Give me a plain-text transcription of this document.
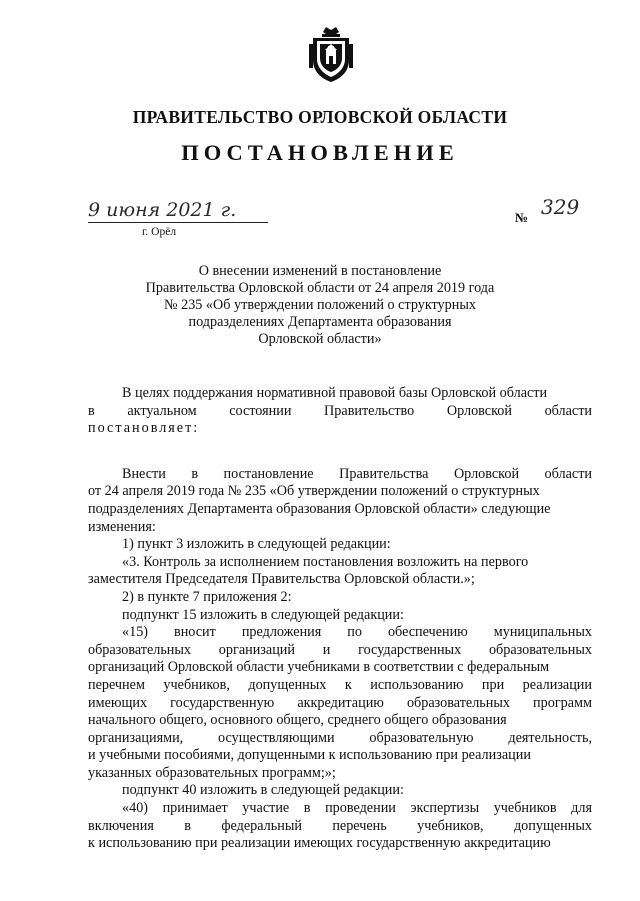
ПРАВИТЕЛЬСТВО ОРЛОВСКОЙ ОБЛАСТИ
ПОСТАНОВЛЕНИЕ
9 июня 2021 г.
г. Орёл
№ 329
О внесении изменений в постановление
Правительства Орловской области от 24 апреля 2019 года
№ 235 «Об утверждении положений о структурных
подразделениях Департамента образования
Орловской области»
В целях поддержания нормативной правовой базы Орловской области
в актуальном состоянии Правительство Орловской области
постановляет:
Внести в постановление Правительства Орловской области
от 24 апреля 2019 года № 235 «Об утверждении положений о структурных
подразделениях Департамента образования Орловской области» следующие
изменения:
1) пункт 3 изложить в следующей редакции:
«3. Контроль за исполнением постановления возложить на первого
заместителя Председателя Правительства Орловской области.»;
2) в пункте 7 приложения 2:
подпункт 15 изложить в следующей редакции:
«15) вносит предложения по обеспечению муниципальных
образовательных организаций и государственных образовательных
организаций Орловской области учебниками в соответствии с федеральным
перечнем учебников, допущенных к использованию при реализации
имеющих государственную аккредитацию образовательных программ
начального общего, основного общего, среднего общего образования
организациями, осуществляющими образовательную деятельность,
и учебными пособиями, допущенными к использованию при реализации
указанных образовательных программ;»;
подпункт 40 изложить в следующей редакции:
«40) принимает участие в проведении экспертизы учебников для
включения в федеральный перечень учебников, допущенных
к использованию при реализации имеющих государственную аккредитацию
